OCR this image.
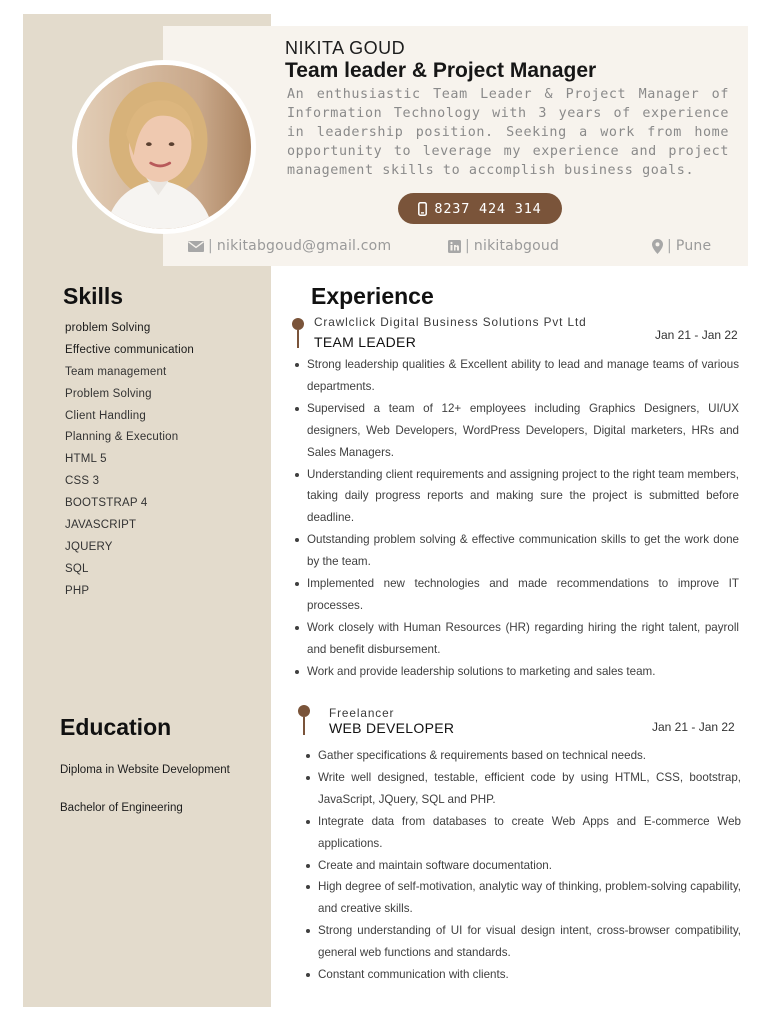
NIKITA GOUD
Team leader & Project Manager

An enthusiastic Team Leader & Project Manager of Information Technology with 3 years of experience in leadership position. Seeking a work from home opportunity to leverage my experience and project management skills to accomplish business goals.

8237 424 314
| nikitabgoud@gmail.com	| nikitabgoud	| Pune
Skills
problem Solving
Effective communication
Team management
Problem Solving
Client Handling
Planning & Execution
HTML 5
CSS 3
BOOTSTRAP 4
JAVASCRIPT
JQUERY
SQL
PHP
Education
Diploma in Website Development
Bachelor of Engineering
Experience
Crawlclick Digital Business Solutions Pvt Ltd
TEAM LEADER	Jan 21 - Jan 22
Strong leadership qualities & Excellent ability to lead and manage teams of various departments.
Supervised a team of 12+ employees including Graphics Designers, UI/UX designers, Web Developers, WordPress Developers, Digital marketers, HRs and Sales Managers.
Understanding client requirements and assigning project to the right team members, taking daily progress reports and making sure the project is submitted before deadline.
Outstanding problem solving & effective communication skills to get the work done by the team.
Implemented new technologies and made recommendations to improve IT processes.
Work closely with Human Resources (HR) regarding hiring the right talent, payroll and benefit disbursement.
Work and provide leadership solutions to marketing and sales team.
Freelancer
WEB DEVELOPER	Jan 21 - Jan 22
Gather specifications & requirements based on technical needs.
Write well designed, testable, efficient code by using HTML, CSS, bootstrap, JavaScript, JQuery, SQL and PHP.
Integrate data from databases to create Web Apps and E-commerce Web applications.
Create and maintain software documentation.
High degree of self-motivation, analytic way of thinking, problem-solving capability, and creative skills.
Strong understanding of UI for visual design intent, cross-browser compatibility, general web functions and standards.
Constant communication with clients.
